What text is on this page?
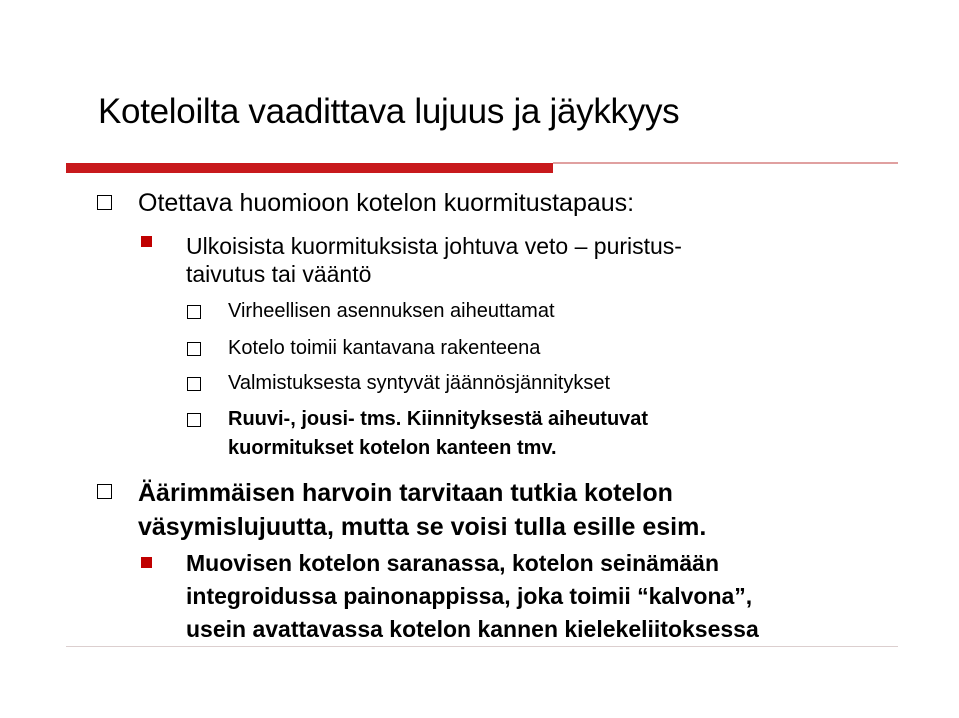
Koteloilta vaadittava lujuus ja jäykkyys
Otettava huomioon kotelon kuormitustapaus:
Ulkoisista kuormituksista johtuva veto – puristus-
taivutus tai vääntö
Virheellisen asennuksen aiheuttamat
Kotelo toimii kantavana rakenteena
Valmistuksesta syntyvät jäännösjännitykset
Ruuvi-, jousi- tms. Kiinnityksestä aiheutuvat
kuormitukset kotelon kanteen tmv.
Äärimmäisen harvoin tarvitaan tutkia kotelon
väsymislujuutta, mutta se voisi tulla esille esim.
Muovisen kotelon saranassa, kotelon seinämään
integroidussa painonappissa, joka toimii “kalvona”,
usein avattavassa kotelon kannen kielekeliitoksessa
